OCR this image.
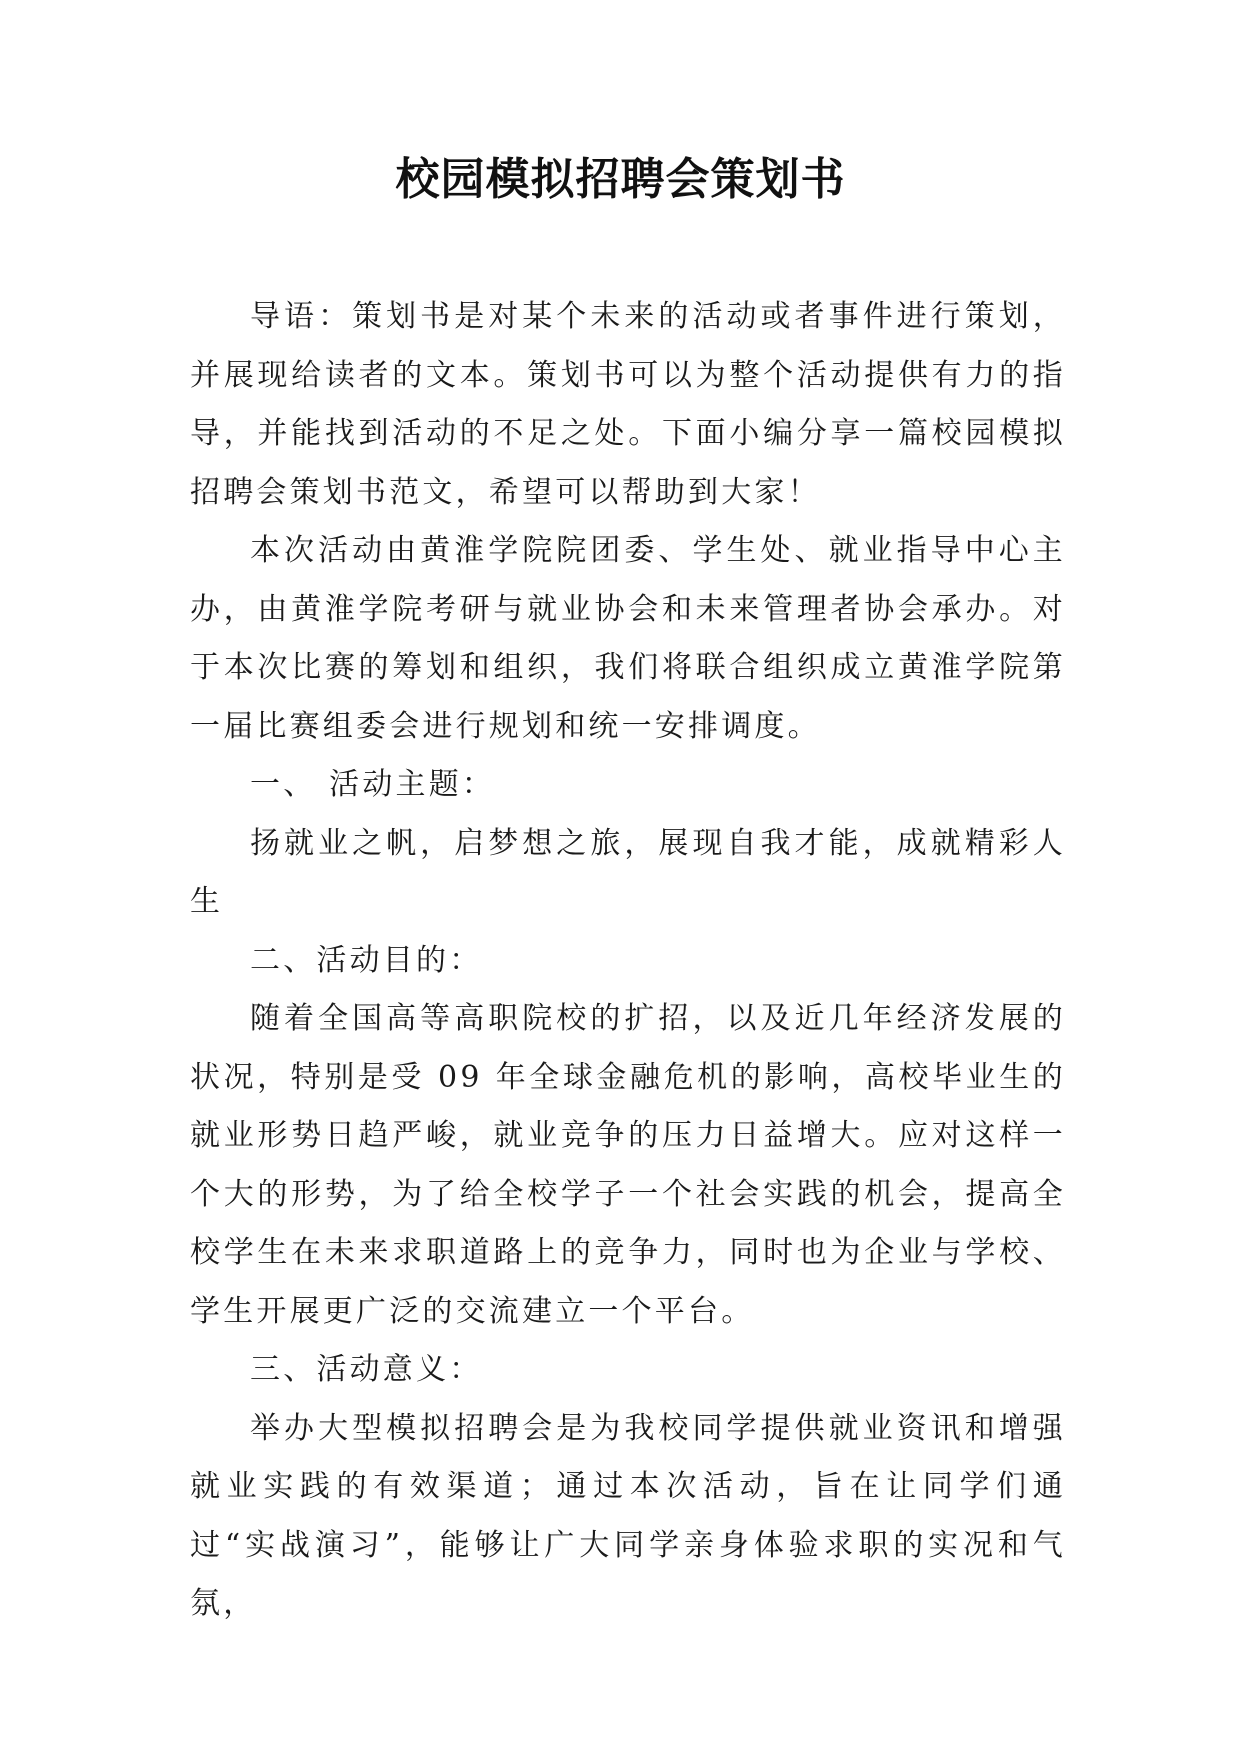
校园模拟招聘会策划书

导语：策划书是对某个未来的活动或者事件进行策划，并展现给读者的文本。策划书可以为整个活动提供有力的指导，并能找到活动的不足之处。下面小编分享一篇校园模拟招聘会策划书范文，希望可以帮助到大家！

本次活动由黄淮学院院团委、学生处、就业指导中心主办，由黄淮学院考研与就业协会和未来管理者协会承办。对于本次比赛的筹划和组织，我们将联合组织成立黄淮学院第一届比赛组委会进行规划和统一安排调度。

一、 活动主题：

扬就业之帆，启梦想之旅，展现自我才能，成就精彩人生

二、活动目的：

随着全国高等高职院校的扩招，以及近几年经济发展的状况，特别是受 09 年全球金融危机的影响，高校毕业生的就业形势日趋严峻，就业竞争的压力日益增大。应对这样一个大的形势，为了给全校学子一个社会实践的机会，提高全校学生在未来求职道路上的竞争力，同时也为企业与学校、学生开展更广泛的交流建立一个平台。

三、活动意义：

举办大型模拟招聘会是为我校同学提供就业资讯和增强就业实践的有效渠道；通过本次活动，旨在让同学们通过“实战演习”，能够让广大同学亲身体验求职的实况和气氛，
